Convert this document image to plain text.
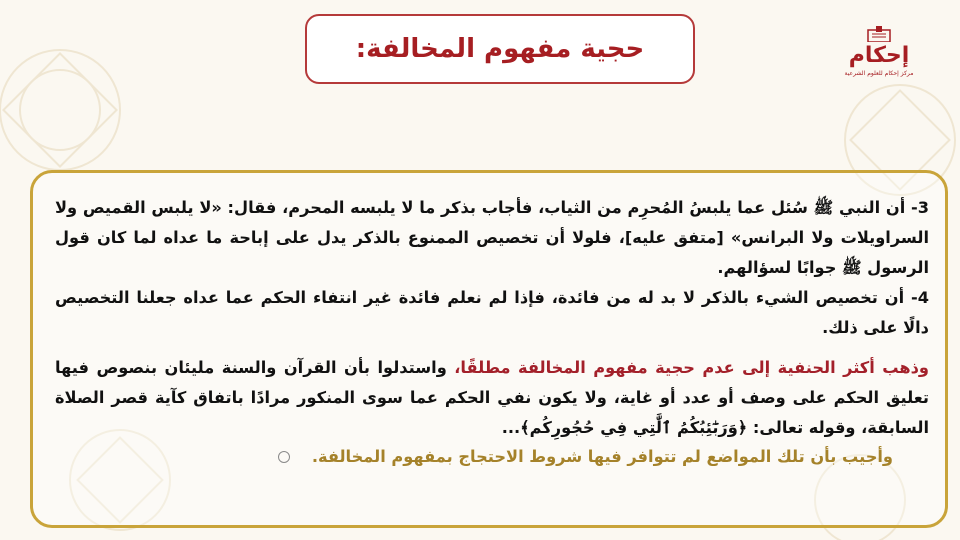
إحكام
مركز إحكام للعلوم الشرعية
حجية مفهوم المخالفة:

3- أن النبي ﷺ سُئل عما يلبسُ المُحرِم من الثياب، فأجاب بذكر ما لا يلبسه المحرم، فقال: «لا يلبس القميص ولا السراويلات ولا البرانس» [متفق عليه]، فلولا أن تخصيص الممنوع بالذكر يدل على إباحة ما عداه لما كان قول الرسول ﷺ جوابًا لسؤالهم.

4- أن تخصيص الشيء بالذكر لا بد له من فائدة، فإذا لم نعلم فائدة غير انتفاء الحكم عما عداه جعلنا التخصيص دالًا على ذلك.

وذهب أكثر الحنفية إلى عدم حجية مفهوم المخالفة مطلقًا، واستدلوا بأن القرآن والسنة مليئان بنصوص فيها تعليق الحكم على وصف أو عدد أو غاية، ولا يكون نفي الحكم عما سوى المنكور مرادًا باتفاق كآية قصر الصلاة السابقة، وقوله تعالى: ﴿وَرَبَٰٓئِبُكُمُ ٱلَّٰتِي فِي حُجُورِكُم﴾...

وأجيب بأن تلك المواضع لم تتوافر فيها شروط الاحتجاج بمفهوم المخالفة.
